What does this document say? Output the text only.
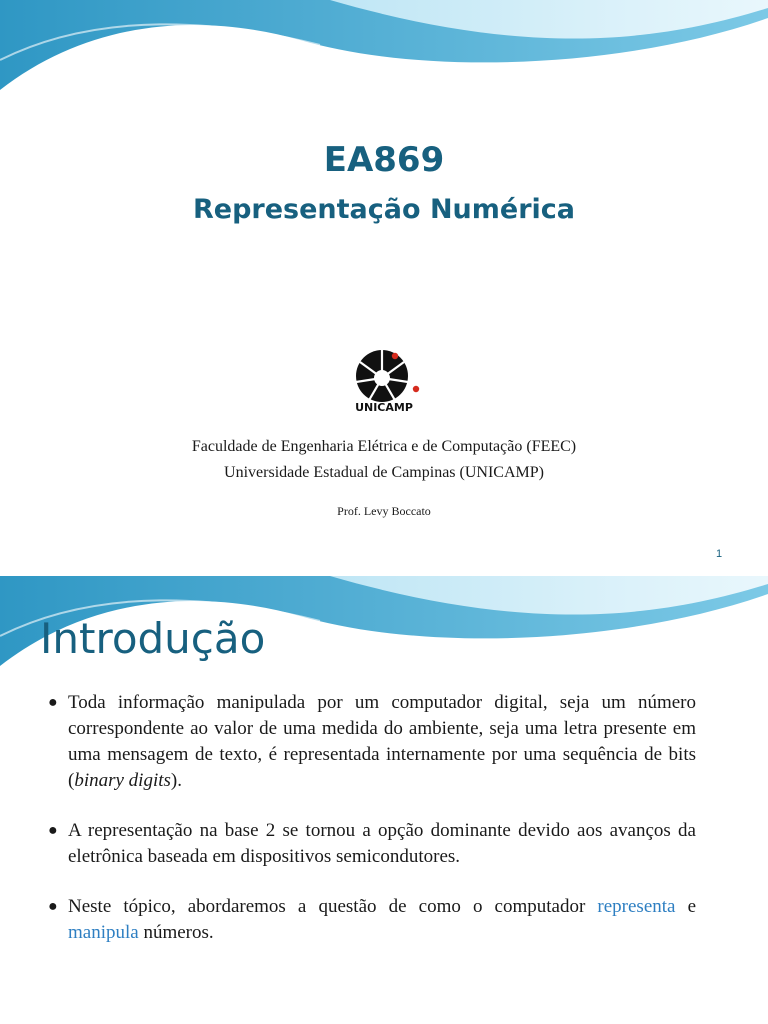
EA869
Representação Numérica
UNICAMP
Faculdade de Engenharia Elétrica e de Computação (FEEC)
Universidade Estadual de Campinas (UNICAMP)
Prof. Levy Boccato
1
Introdução
● Toda informação manipulada por um computador digital, seja um número correspondente ao valor de uma medida do ambiente, seja uma letra presente em uma mensagem de texto, é representada internamente por uma sequência de bits (binary digits).
● A representação na base 2 se tornou a opção dominante devido aos avanços da eletrônica baseada em dispositivos semicondutores.
● Neste tópico, abordaremos a questão de como o computador representa e manipula números.
